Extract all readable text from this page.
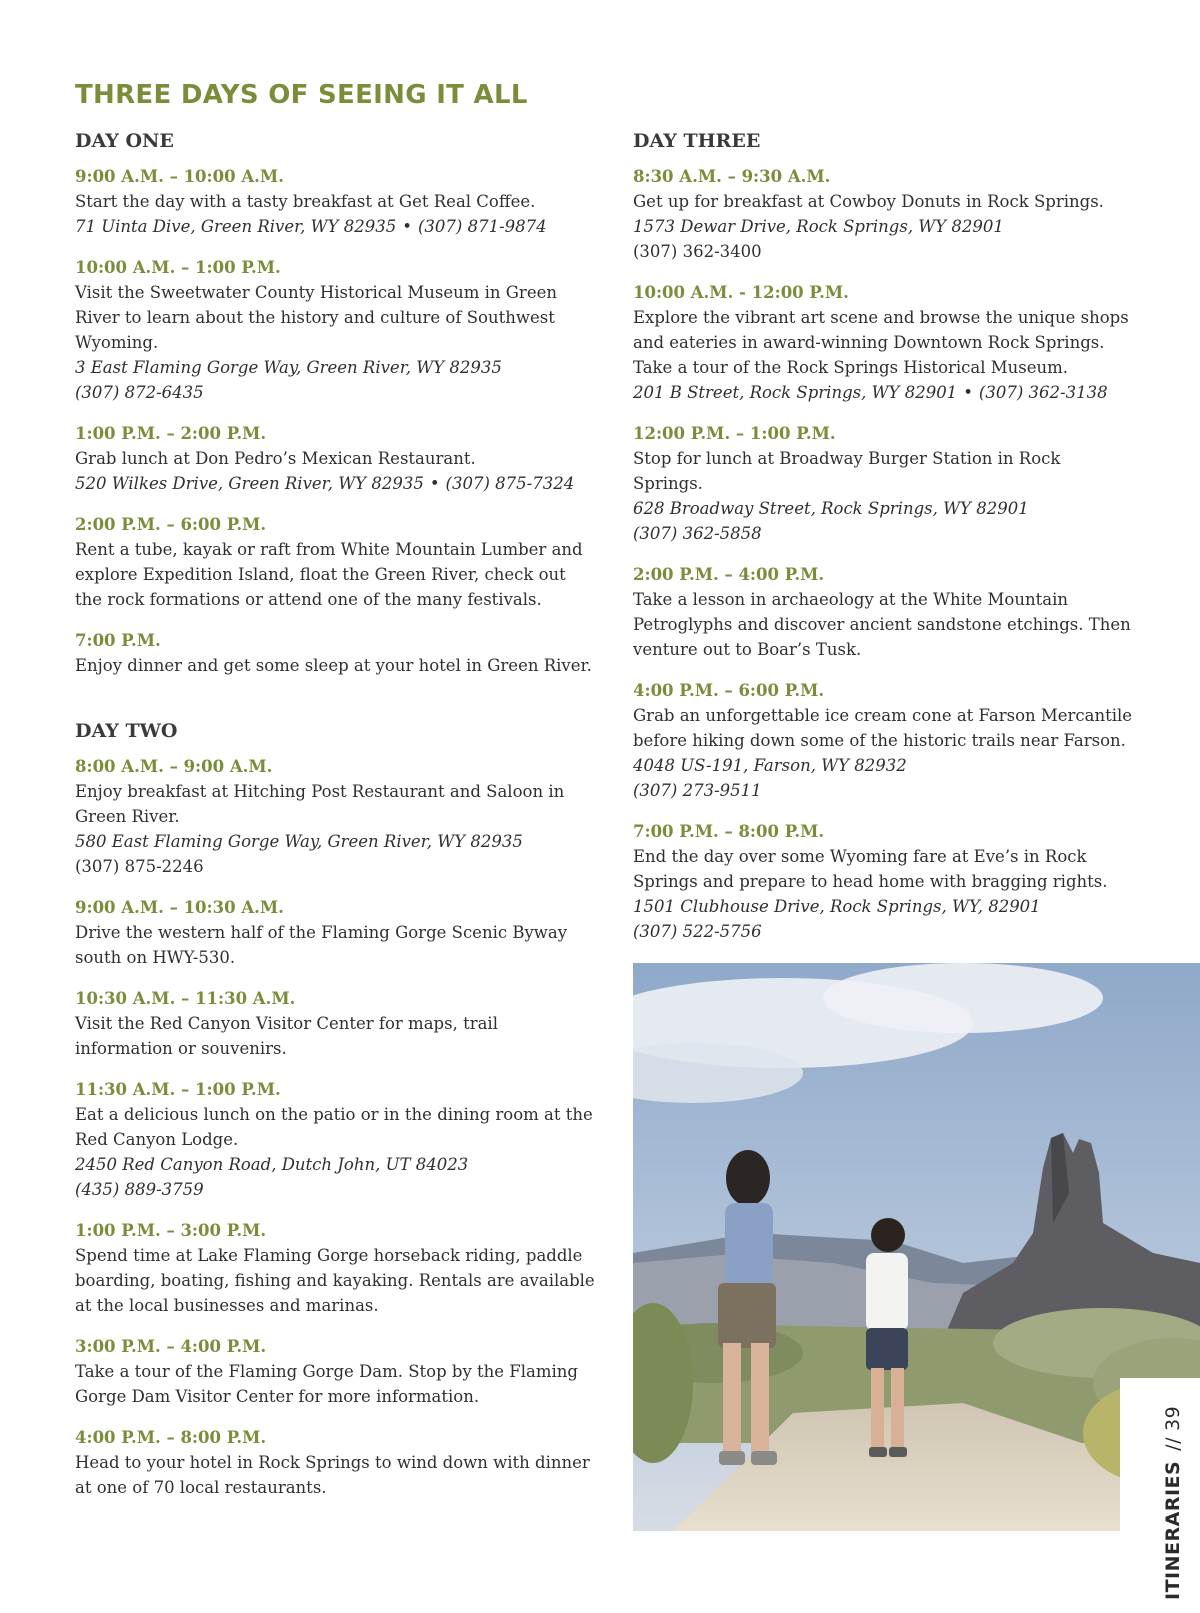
THREE DAYS OF SEEING IT ALL
DAY ONE
9:00 A.M. – 10:00 A.M.
Start the day with a tasty breakfast at Get Real Coffee.
71 Uinta Dive, Green River, WY 82935 • (307) 871-9874
10:00 A.M. – 1:00 P.M.
Visit the Sweetwater County Historical Museum in Green River to learn about the history and culture of Southwest Wyoming.
3 East Flaming Gorge Way, Green River, WY 82935
(307) 872-6435
1:00 P.M. – 2:00 P.M.
Grab lunch at Don Pedro’s Mexican Restaurant.
520 Wilkes Drive, Green River, WY 82935 • (307) 875-7324
2:00 P.M. – 6:00 P.M.
Rent a tube, kayak or raft from White Mountain Lumber and explore Expedition Island, float the Green River, check out the rock formations or attend one of the many festivals.
7:00 P.M.
Enjoy dinner and get some sleep at your hotel in Green River.
DAY TWO
8:00 A.M. – 9:00 A.M.
Enjoy breakfast at Hitching Post Restaurant and Saloon in Green River.
580 East Flaming Gorge Way, Green River, WY 82935
(307) 875-2246
9:00 A.M. – 10:30 A.M.
Drive the western half of the Flaming Gorge Scenic Byway south on HWY-530.
10:30 A.M. – 11:30 A.M.
Visit the Red Canyon Visitor Center for maps, trail information or souvenirs.
11:30 A.M. – 1:00 P.M.
Eat a delicious lunch on the patio or in the dining room at the Red Canyon Lodge.
2450 Red Canyon Road, Dutch John, UT 84023
(435) 889-3759
1:00 P.M. – 3:00 P.M.
Spend time at Lake Flaming Gorge horseback riding, paddle boarding, boating, fishing and kayaking. Rentals are available at the local businesses and marinas.
3:00 P.M. – 4:00 P.M.
Take a tour of the Flaming Gorge Dam. Stop by the Flaming Gorge Dam Visitor Center for more information.
4:00 P.M. – 8:00 P.M.
Head to your hotel in Rock Springs to wind down with dinner at one of 70 local restaurants.
DAY THREE
8:30 A.M. – 9:30 A.M.
Get up for breakfast at Cowboy Donuts in Rock Springs.
1573 Dewar Drive, Rock Springs, WY 82901
(307) 362-3400
10:00 A.M. - 12:00 P.M.
Explore the vibrant art scene and browse the unique shops and eateries in award-winning Downtown Rock Springs. Take a tour of the Rock Springs Historical Museum.
201 B Street, Rock Springs, WY 82901 • (307) 362-3138
12:00 P.M. – 1:00 P.M.
Stop for lunch at Broadway Burger Station in Rock Springs.
628 Broadway Street, Rock Springs, WY 82901
(307) 362-5858
2:00 P.M. – 4:00 P.M.
Take a lesson in archaeology at the White Mountain Petroglyphs and discover ancient sandstone etchings. Then venture out to Boar’s Tusk.
4:00 P.M. – 6:00 P.M.
Grab an unforgettable ice cream cone at Farson Mercantile before hiking down some of the historic trails near Farson.
4048 US-191, Farson, WY 82932
(307) 273-9511
7:00 P.M. – 8:00 P.M.
End the day over some Wyoming fare at Eve’s in Rock Springs and prepare to head home with bragging rights.
1501 Clubhouse Drive, Rock Springs, WY, 82901
(307) 522-5756
ITINERARIES//39
